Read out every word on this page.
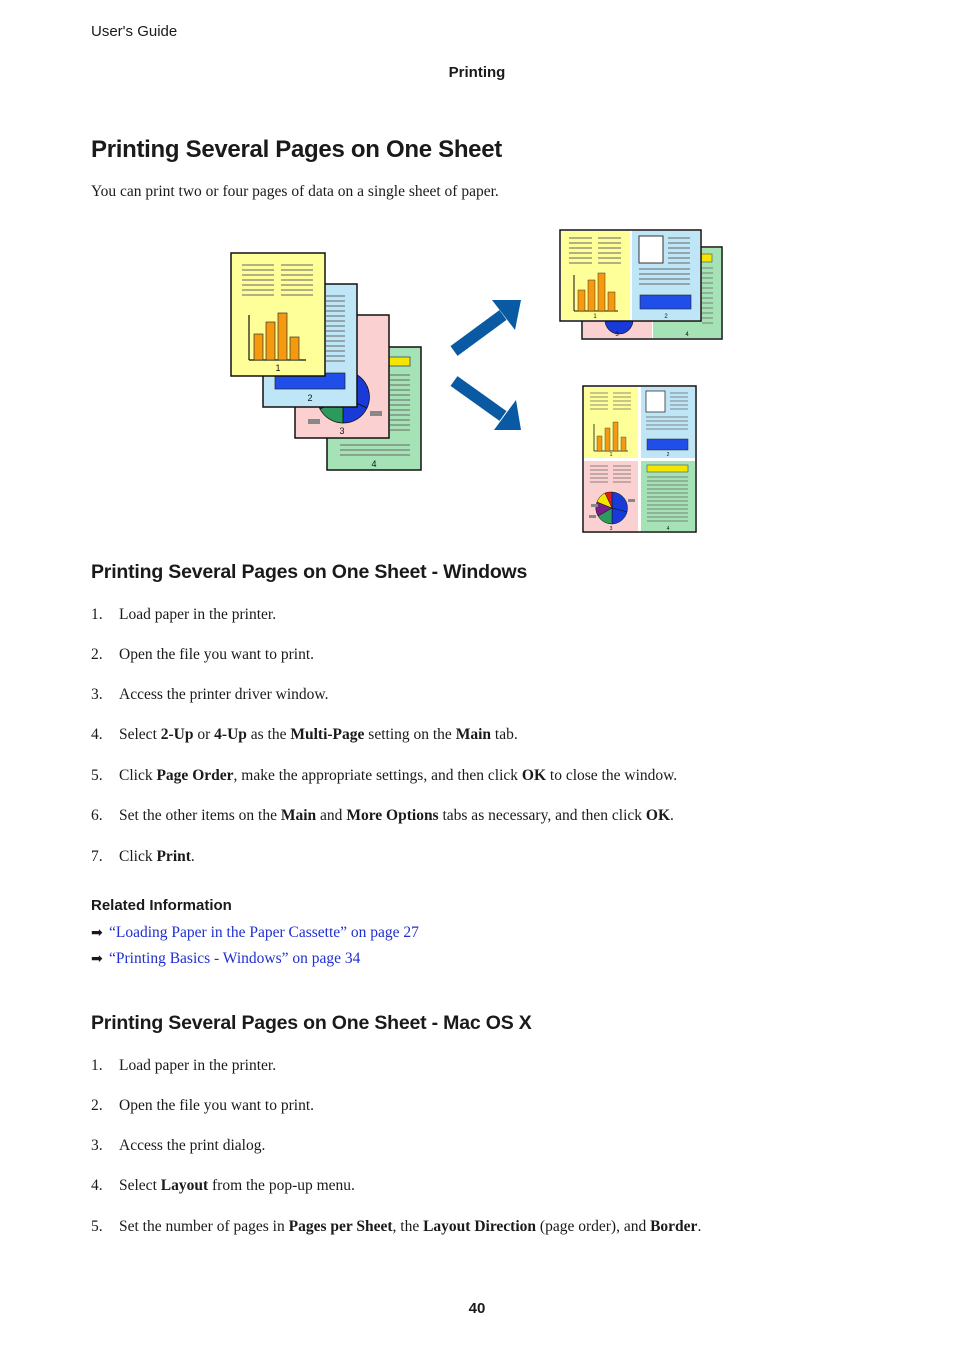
User's Guide
Printing
Printing Several Pages on One Sheet

You can print two or four pages of data on a single sheet of paper.

4
3
2
1
3	4
1	2
1	2
3	4
Printing Several Pages on One Sheet - Windows
1. Load paper in the printer.
2. Open the file you want to print.
3. Access the printer driver window.
4. Select 2-Up or 4-Up as the Multi-Page setting on the Main tab.
5. Click Page Order, make the appropriate settings, and then click OK to close the window.
6. Set the other items on the Main and More Options tabs as necessary, and then click OK.
7. Click Print.
Related Information
➡ “Loading Paper in the Paper Cassette” on page 27
➡ “Printing Basics - Windows” on page 34
Printing Several Pages on One Sheet - Mac OS X
1. Load paper in the printer.
2. Open the file you want to print.
3. Access the print dialog.
4. Select Layout from the pop-up menu.
5. Set the number of pages in Pages per Sheet, the Layout Direction (page order), and Border.
40
